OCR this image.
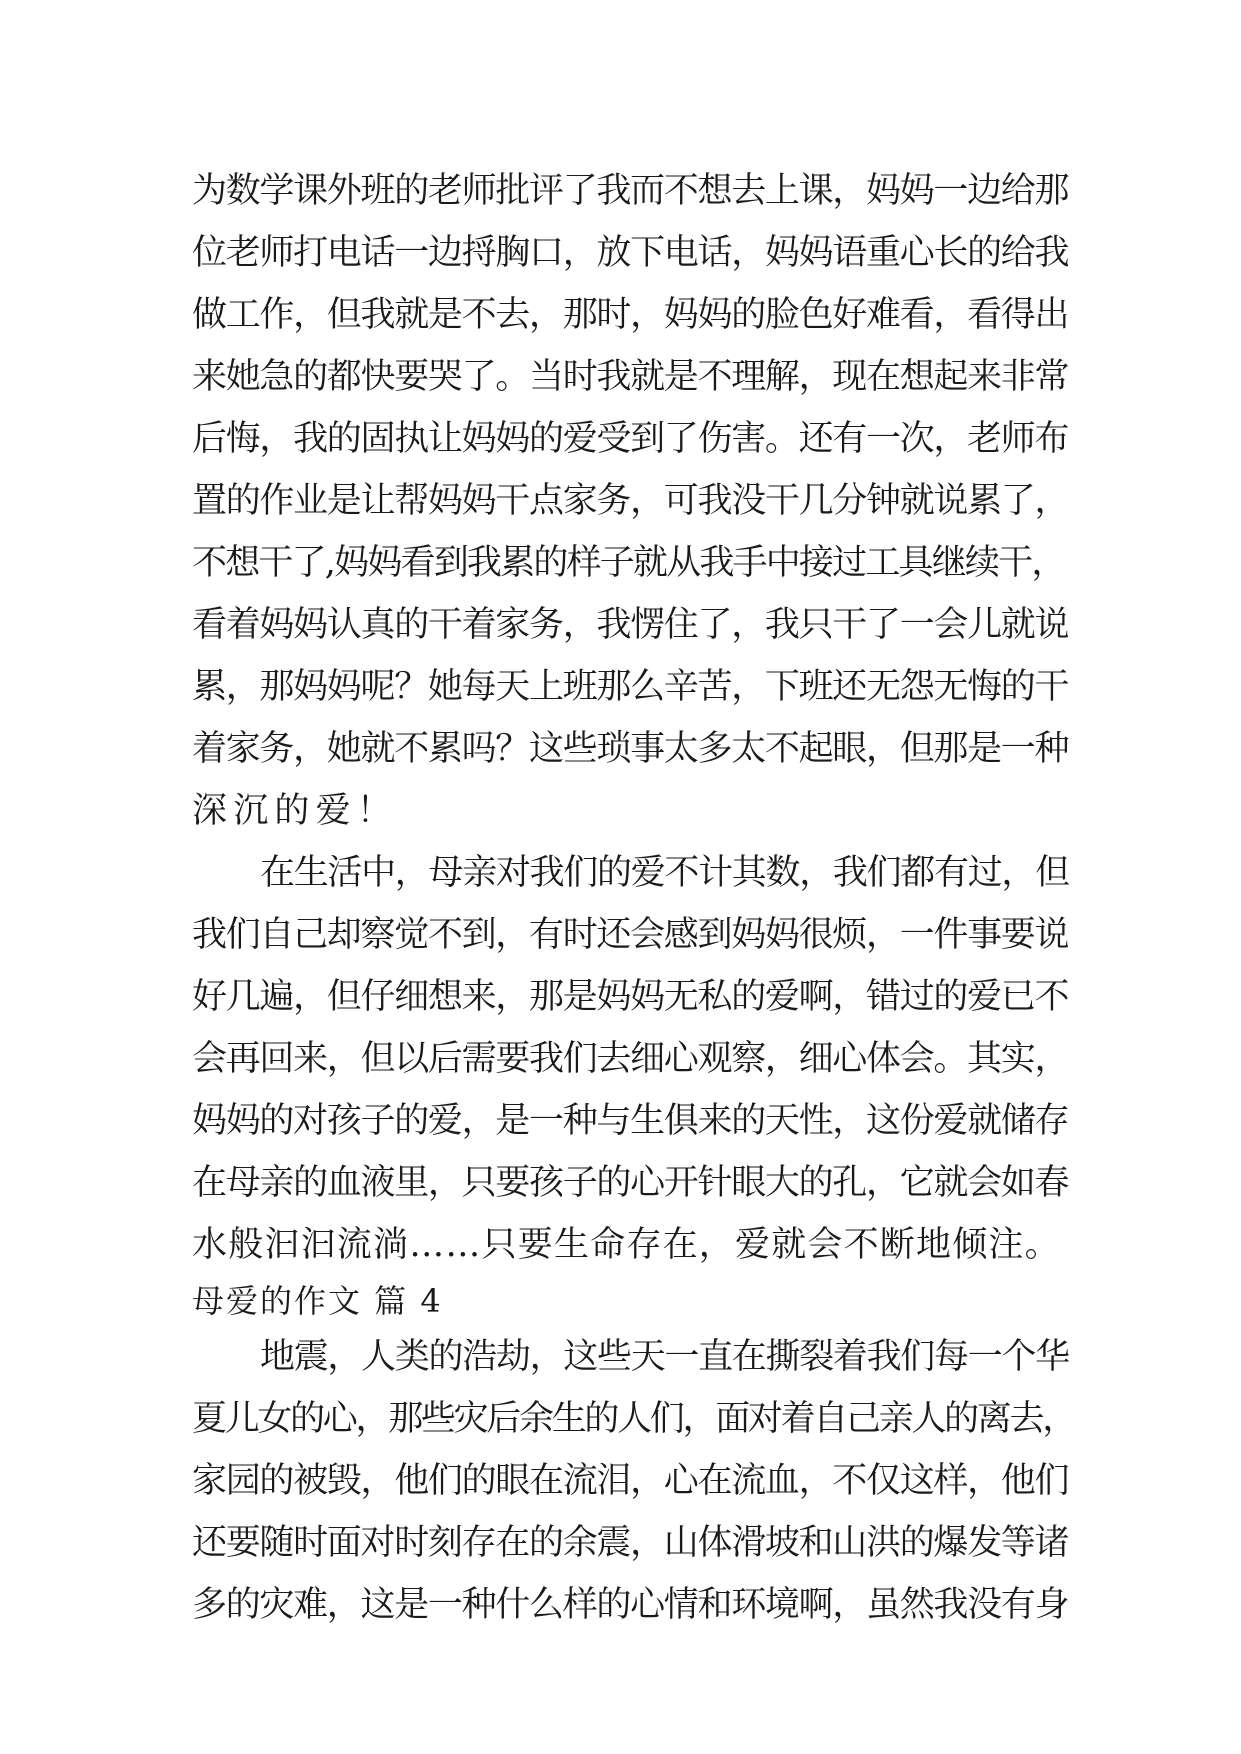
为数学课外班的老师批评了我而不想去上课，妈妈一边给那
位老师打电话一边捋胸口，放下电话，妈妈语重心长的给我
做工作，但我就是不去，那时，妈妈的脸色好难看，看得出
来她急的都快要哭了。当时我就是不理解，现在想起来非常
后悔，我的固执让妈妈的爱受到了伤害。还有一次，老师布
置的作业是让帮妈妈干点家务，可我没干几分钟就说累了，
不想干了,妈妈看到我累的样子就从我手中接过工具继续干，
看着妈妈认真的干着家务，我愣住了，我只干了一会儿就说
累，那妈妈呢？她每天上班那么辛苦，下班还无怨无悔的干
着家务，她就不累吗？这些琐事太多太不起眼，但那是一种
深沉的爱！
在生活中，母亲对我们的爱不计其数，我们都有过，但
我们自己却察觉不到，有时还会感到妈妈很烦，一件事要说
好几遍，但仔细想来，那是妈妈无私的爱啊，错过的爱已不
会再回来，但以后需要我们去细心观察，细心体会。其实，
妈妈的对孩子的爱，是一种与生俱来的天性，这份爱就储存
在母亲的血液里，只要孩子的心开针眼大的孔，它就会如春
水般汩汩流淌……只要生命存在，爱就会不断地倾注。
母爱的作文 篇 4
地震，人类的浩劫，这些天一直在撕裂着我们每一个华
夏儿女的心，那些灾后余生的人们，面对着自己亲人的离去，
家园的被毁，他们的眼在流泪，心在流血，不仅这样，他们
还要随时面对时刻存在的余震，山体滑坡和山洪的爆发等诸
多的灾难，这是一种什么样的心情和环境啊，虽然我没有身
